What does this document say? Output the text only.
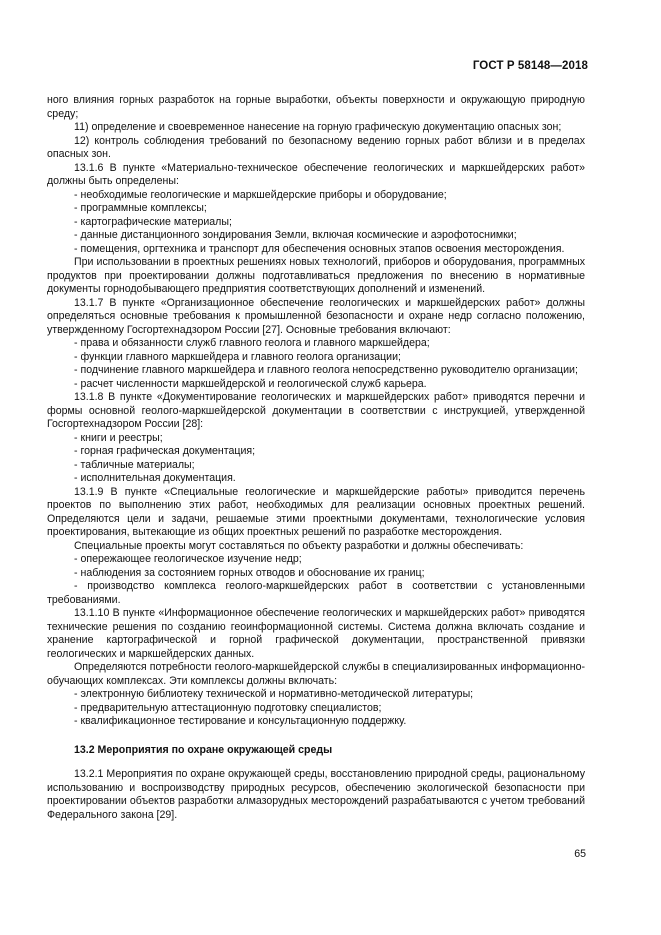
ГОСТ Р 58148—2018

ного влияния горных разработок на горные выработки, объекты поверхности и окружающую природную среду;

11) определение и своевременное нанесение на горную графическую документацию опасных зон;

12) контроль соблюдения требований по безопасному ведению горных работ вблизи и в пределах опасных зон.

13.1.6 В пункте «Материально-техническое обеспечение геологических и маркшейдерских работ» должны быть определены:

- необходимые геологические и маркшейдерские приборы и оборудование;

- программные комплексы;

- картографические материалы;

- данные дистанционного зондирования Земли, включая космические и аэрофотоснимки;

- помещения, оргтехника и транспорт для обеспечения основных этапов освоения месторождения.

При использовании в проектных решениях новых технологий, приборов и оборудования, программных продуктов при проектировании должны подготавливаться предложения по внесению в нормативные документы горнодобывающего предприятия соответствующих дополнений и изменений.

13.1.7 В пункте «Организационное обеспечение геологических и маркшейдерских работ» должны определяться основные требования к промышленной безопасности и охране недр согласно положению, утвержденному Госгортехнадзором России [27]. Основные требования включают:

- права и обязанности служб главного геолога и главного маркшейдера;

- функции главного маркшейдера и главного геолога организации;

- подчинение главного маркшейдера и главного геолога непосредственно руководителю организации;

- расчет численности маркшейдерской и геологической служб карьера.

13.1.8 В пункте «Документирование геологических и маркшейдерских работ» приводятся перечни и формы основной геолого-маркшейдерской документации в соответствии с инструкцией, утвержденной Госгортехнадзором России [28]:

- книги и реестры;

- горная графическая документация;

- табличные материалы;

- исполнительная документация.

13.1.9 В пункте «Специальные геологические и маркшейдерские работы» приводится перечень проектов по выполнению этих работ, необходимых для реализации основных проектных решений. Определяются цели и задачи, решаемые этими проектными документами, технологические условия проектирования, вытекающие из общих проектных решений по разработке месторождения.

Специальные проекты могут составляться по объекту разработки и должны обеспечивать:

- опережающее геологическое изучение недр;

- наблюдения за состоянием горных отводов и обоснование их границ;

- производство комплекса геолого-маркшейдерских работ в соответствии с установленными требованиями.

13.1.10 В пункте «Информационное обеспечение геологических и маркшейдерских работ» приводятся технические решения по созданию геоинформационной системы. Система должна включать создание и хранение картографической и горной графической документации, пространственной привязки геологических и маркшейдерских данных.

Определяются потребности геолого-маркшейдерской службы в специализированных информационно-обучающих комплексах. Эти комплексы должны включать:

- электронную библиотеку технической и нормативно-методической литературы;

- предварительную аттестационную подготовку специалистов;

- квалификационное тестирование и консультационную поддержку.

13.2 Мероприятия по охране окружающей среды

13.2.1 Мероприятия по охране окружающей среды, восстановлению природной среды, рациональному использованию и воспроизводству природных ресурсов, обеспечению экологической безопасности при проектировании объектов разработки алмазорудных месторождений разрабатываются с учетом требований Федерального закона [29].

65
